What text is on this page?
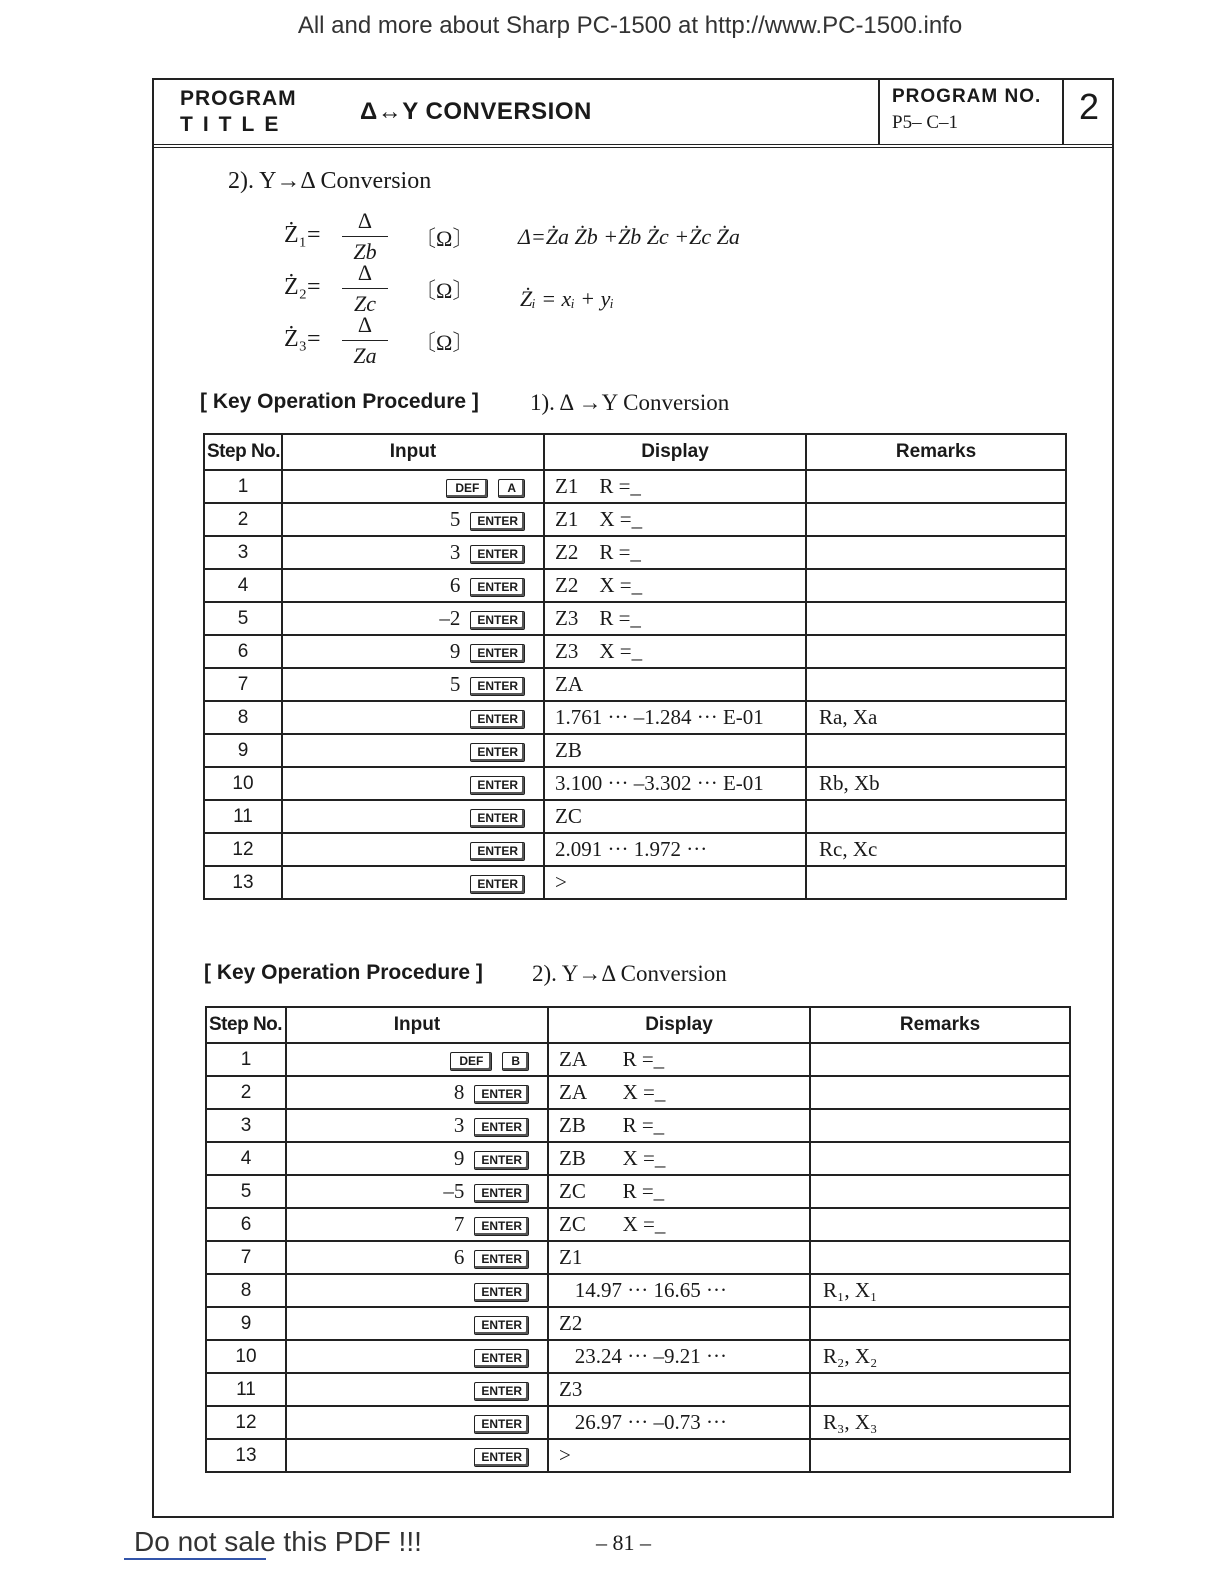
All and more about Sharp PC-1500 at http://www.PC-1500.info
PROGRAM
TITLE	Δ↔Y CONVERSION
PROGRAM NO.
P5– C–1	2
2). Y→Δ Conversion
Ż₁= $\frac{\Delta}{Zb}$ 〔Ω〕
Ż₂= $\frac{\Delta}{Zc}$ 〔Ω〕
Ż₃= $\frac{\Delta}{Za}$ 〔Ω〕
Δ=Ża Żb +Żb Żc +Żc Ża
Żᵢ = xᵢ + yᵢ
[ Key Operation Procedure ] 1). Δ →Y Conversion
Step No.	Input	Display	Remarks
1	DEF A	Z1    R =_	
2	5 ENTER	Z1    X =_	
3	3 ENTER	Z2    R =_	
4	6 ENTER	Z2    X =_	
5	–2 ENTER	Z3    R =_	
6	9 ENTER	Z3    X =_	
7	5 ENTER	ZA	
8	ENTER	1.761 ··· –1.284 ··· E-01	Ra, Xa
9	ENTER	ZB	
10	ENTER	3.100 ··· –3.302 ··· E-01	Rb, Xb
11	ENTER	ZC	
12	ENTER	2.091 ··· 1.972 ···	Rc, Xc
13	ENTER	>	
[ Key Operation Procedure ] 2). Y→Δ Conversion
Step No.	Input	Display	Remarks
1	DEF B	ZA       R =_	
2	8 ENTER	ZA       X =_	
3	3 ENTER	ZB       R =_	
4	9 ENTER	ZB       X =_	
5	–5 ENTER	ZC       R =_	
6	7 ENTER	ZC       X =_	
7	6 ENTER	Z1	
8	ENTER	14.97 ··· 16.65 ···	R₁, X₁
9	ENTER	Z2	
10	ENTER	23.24 ··· –9.21 ···	R₂, X₂
11	ENTER	Z3	
12	ENTER	26.97 ··· –0.73 ···	R₃, X₃
13	ENTER	>	
Do not sale this PDF !!!	– 81 –
